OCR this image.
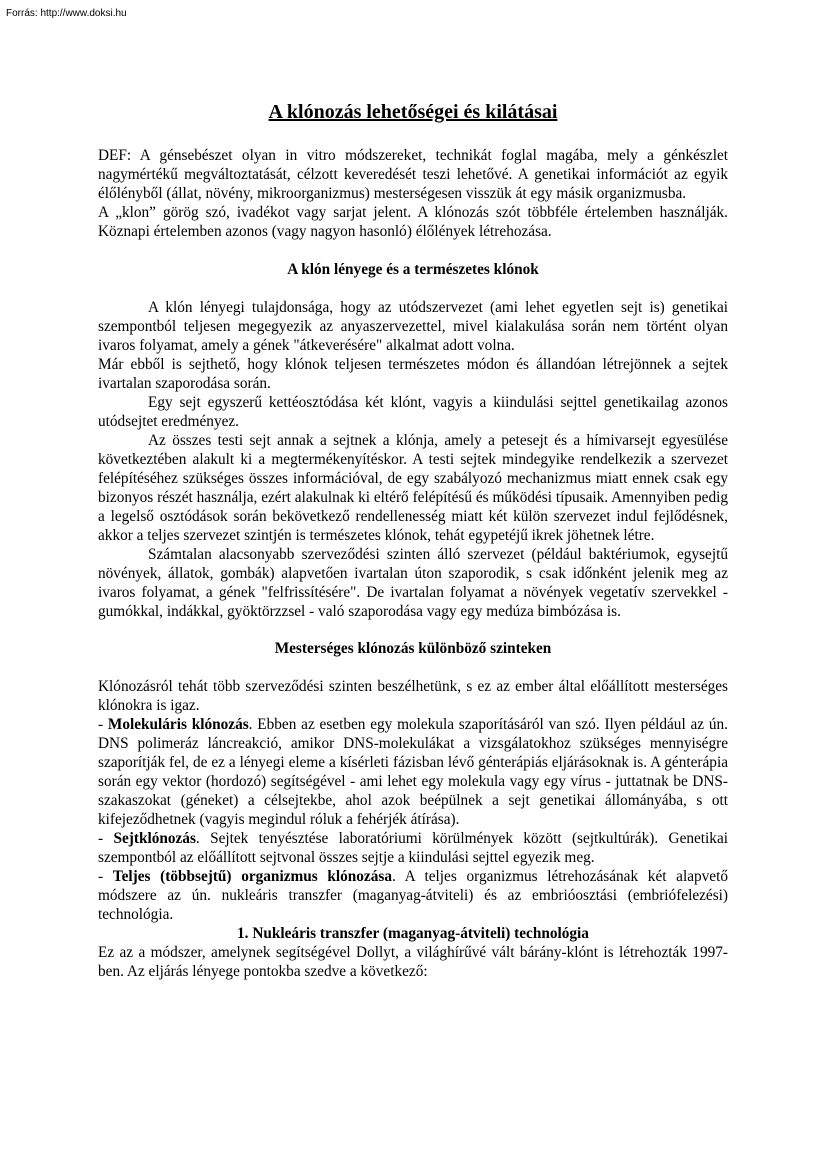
Forrás: http://www.doksi.hu
A klónozás lehetőségei és kilátásai

DEF: A génsebészet olyan in vitro módszereket, technikát foglal magába, mely a génkészlet nagymértékű megváltoztatását, célzott keveredését teszi lehetővé. A genetikai információt az egyik élőlényből (állat, növény, mikroorganizmus) mesterségesen visszük át egy másik organizmusba.

A „klon” görög szó, ivadékot vagy sarjat jelent. A klónozás szót többféle értelemben használják. Köznapi értelemben azonos (vagy nagyon hasonló) élőlények létrehozása.

A klón lényege és a természetes klónok

A klón lényegi tulajdonsága, hogy az utódszervezet (ami lehet egyetlen sejt is) genetikai szempontból teljesen megegyezik az anyaszervezettel, mivel kialakulása során nem történt olyan ivaros folyamat, amely a gének "átkeverésére" alkalmat adott volna.

Már ebből is sejthető, hogy klónok teljesen természetes módon és állandóan létrejönnek a sejtek ivartalan szaporodása során.

Egy sejt egyszerű kettéosztódása két klónt, vagyis a kiindulási sejttel genetikailag azonos utódsejtet eredményez.

Az összes testi sejt annak a sejtnek a klónja, amely a petesejt és a hímivarsejt egyesülése következtében alakult ki a megtermékenyítéskor. A testi sejtek mindegyike rendelkezik a szervezet felépítéséhez szükséges összes információval, de egy szabályozó mechanizmus miatt ennek csak egy bizonyos részét használja, ezért alakulnak ki eltérő felépítésű és működési típusaik. Amennyiben pedig a legelső osztódások során bekövetkező rendellenesség miatt két külön szervezet indul fejlődésnek, akkor a teljes szervezet szintjén is természetes klónok, tehát egypetéjű ikrek jöhetnek létre.

Számtalan alacsonyabb szerveződési szinten álló szervezet (például baktériumok, egysejtű növények, állatok, gombák) alapvetően ivartalan úton szaporodik, s csak időnként jelenik meg az ivaros folyamat, a gének "felfrissítésére". De ivartalan folyamat a növények vegetatív szervekkel - gumókkal, indákkal, gyöktörzzsel - való szaporodása vagy egy medúza bimbózása is.

Mesterséges klónozás különböző szinteken

Klónozásról tehát több szerveződési szinten beszélhetünk, s ez az ember által előállított mesterséges klónokra is igaz.

- Molekuláris klónozás. Ebben az esetben egy molekula szaporításáról van szó. Ilyen például az ún. DNS polimeráz láncreakció, amikor DNS-molekulákat a vizsgálatokhoz szükséges mennyiségre szaporítják fel, de ez a lényegi eleme a kísérleti fázisban lévő génterápiás eljárásoknak is. A génterápia során egy vektor (hordozó) segítségével - ami lehet egy molekula vagy egy vírus - juttatnak be DNS-szakaszokat (géneket) a célsejtekbe, ahol azok beépülnek a sejt genetikai állományába, s ott kifejeződhetnek (vagyis megindul róluk a fehérjék átírása).

- Sejtklónozás. Sejtek tenyésztése laboratóriumi körülmények között (sejtkultúrák). Genetikai szempontból az előállított sejtvonal összes sejtje a kiindulási sejttel egyezik meg.

- Teljes (többsejtű) organizmus klónozása. A teljes organizmus létrehozásának két alapvető módszere az ún. nukleáris transzfer (maganyag-átviteli) és az embrióosztási (embriófelezési) technológia.

1. Nukleáris transzfer (maganyag-átviteli) technológia

Ez az a módszer, amelynek segítségével Dollyt, a világhírűvé vált bárány-klónt is létrehozták 1997-ben. Az eljárás lényege pontokba szedve a következő:
